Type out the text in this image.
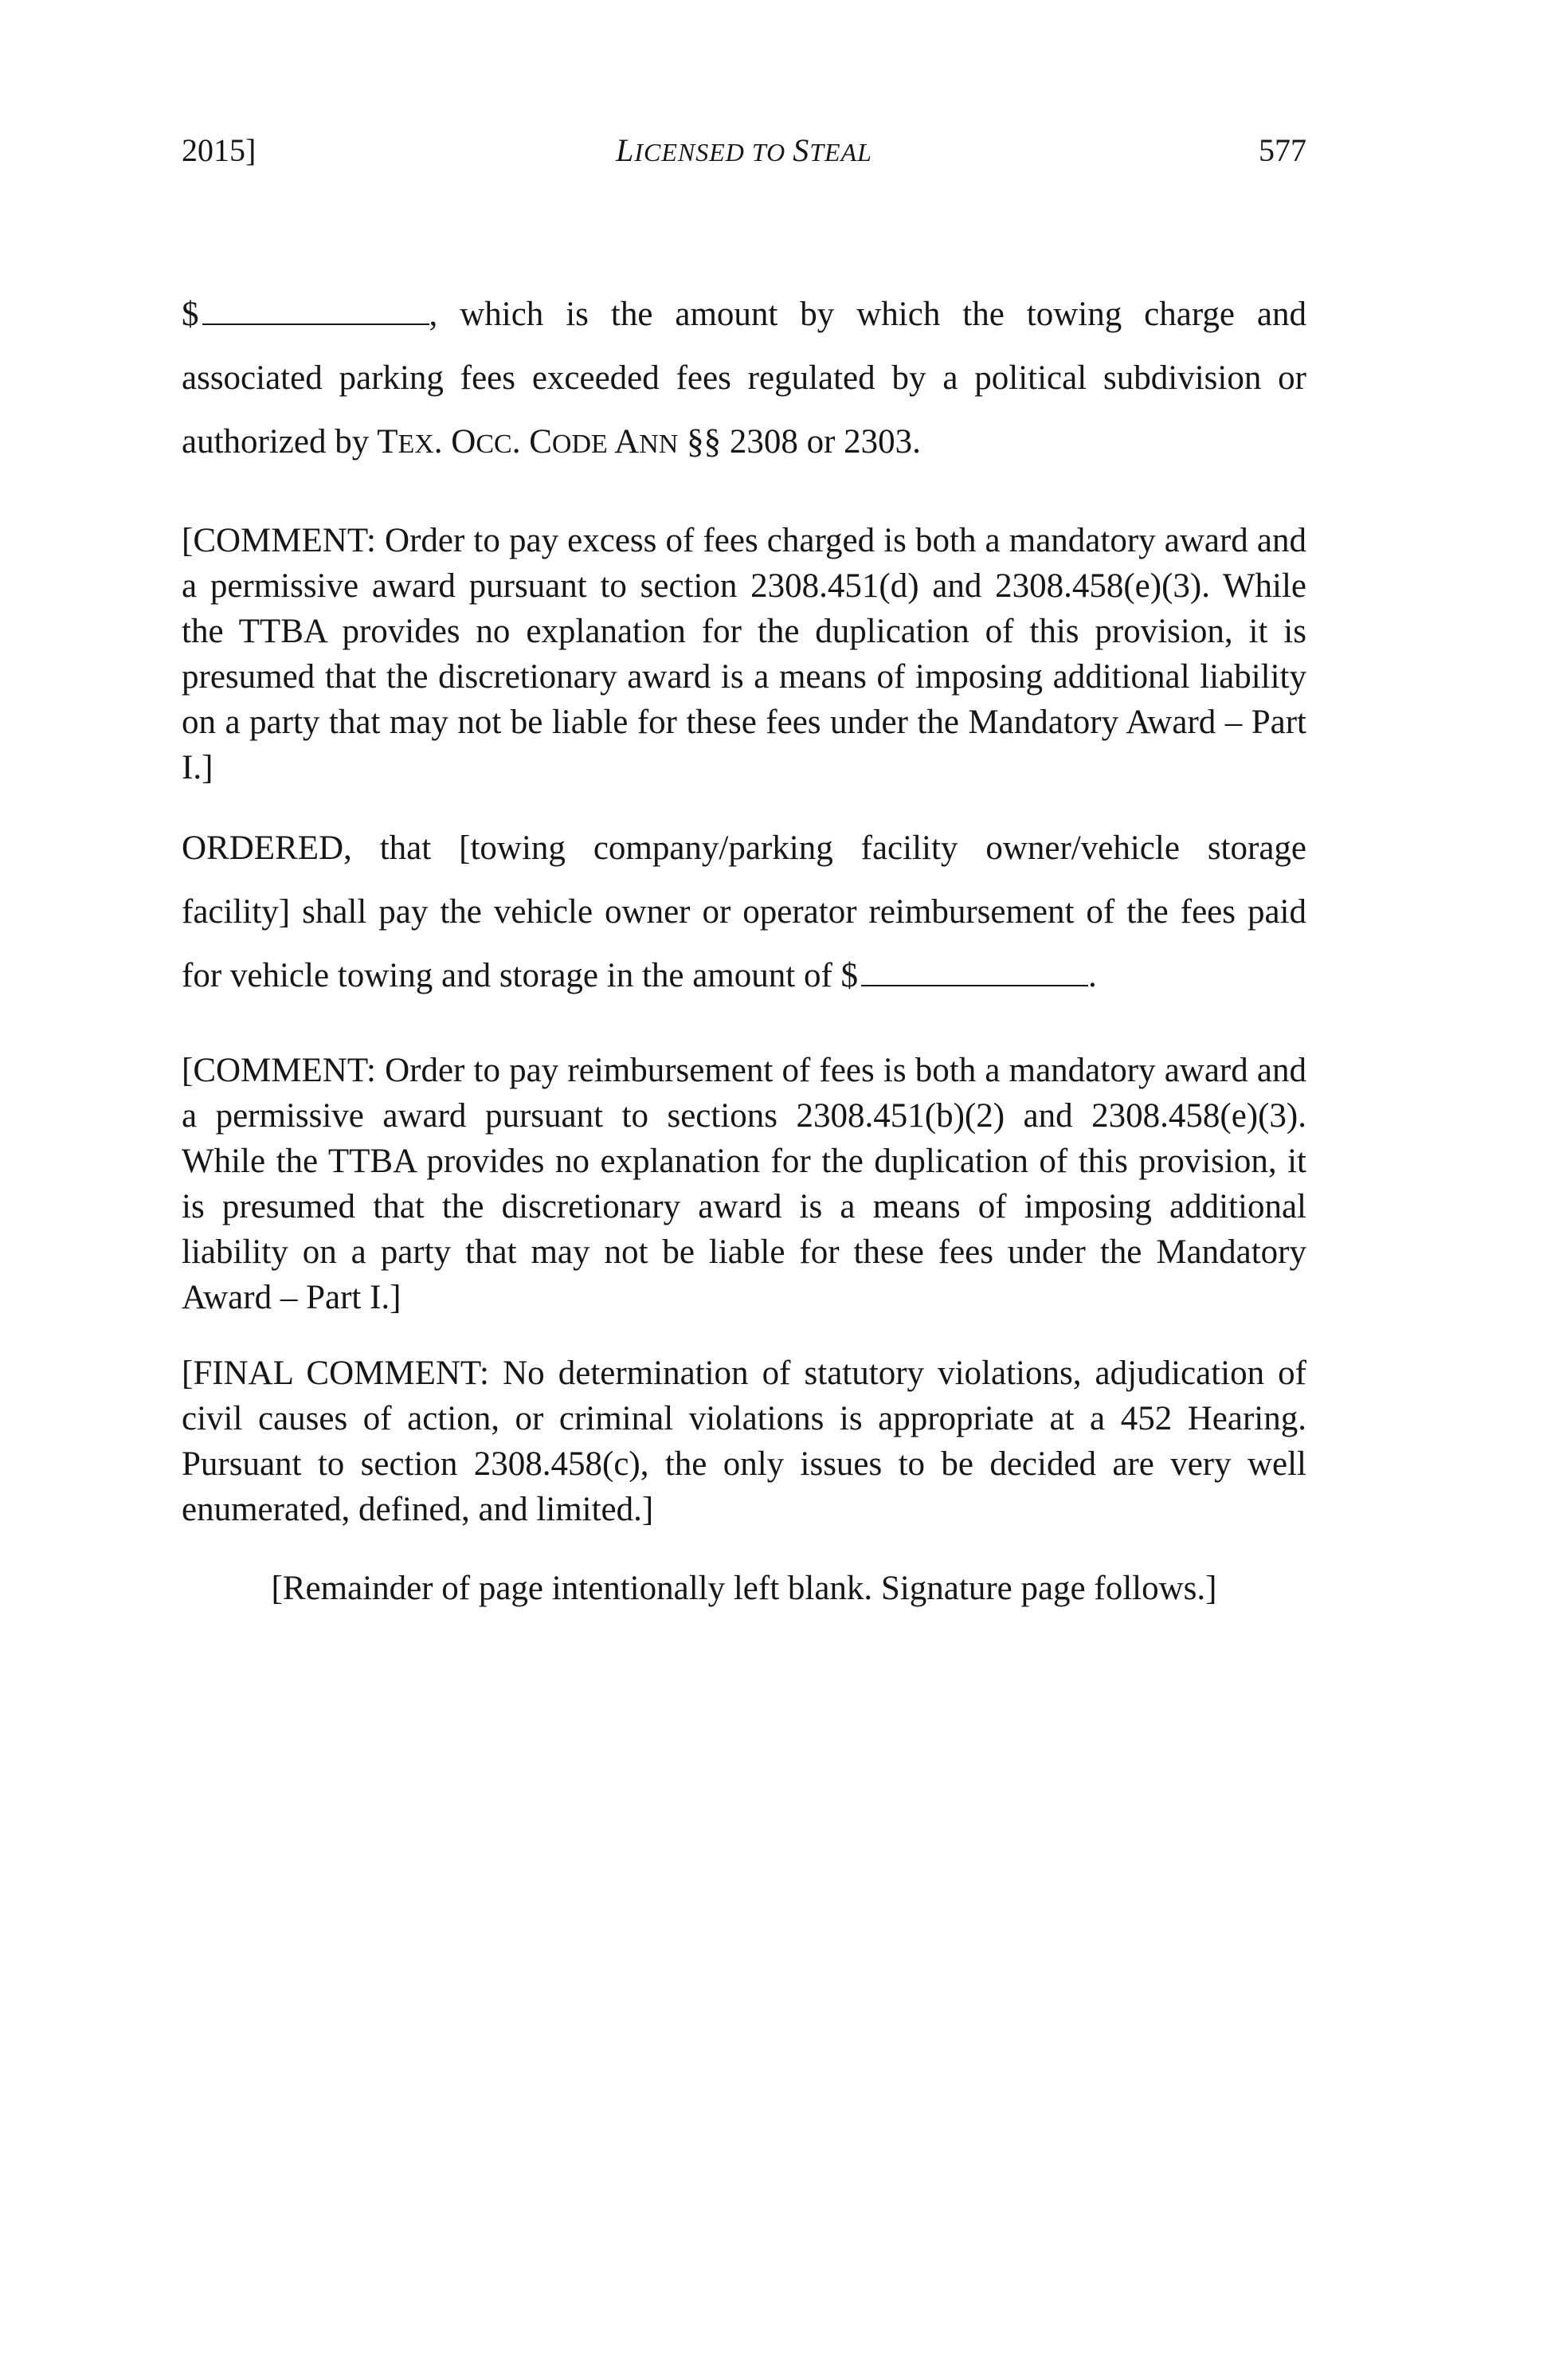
2015]	LICENSED TO STEAL	577

$	, which is the amount by which the towing charge and associated parking fees exceeded fees regulated by a political subdivision or authorized by TEX. OCC. CODE ANN §§ 2308 or 2303.

[COMMENT: Order to pay excess of fees charged is both a mandatory award and a permissive award pursuant to section 2308.451(d) and 2308.458(e)(3). While the TTBA provides no explanation for the duplication of this provision, it is presumed that the discretionary award is a means of imposing additional liability on a party that may not be liable for these fees under the Mandatory Award – Part I.]

ORDERED, that [towing company/parking facility owner/vehicle storage facility] shall pay the vehicle owner or operator reimbursement of the fees paid for vehicle towing and storage in the amount of $	.

[COMMENT: Order to pay reimbursement of fees is both a mandatory award and a permissive award pursuant to sections 2308.451(b)(2) and 2308.458(e)(3). While the TTBA provides no explanation for the duplication of this provision, it is presumed that the discretionary award is a means of imposing additional liability on a party that may not be liable for these fees under the Mandatory Award – Part I.]

[FINAL COMMENT: No determination of statutory violations, adjudication of civil causes of action, or criminal violations is appropriate at a 452 Hearing. Pursuant to section 2308.458(c), the only issues to be decided are very well enumerated, defined, and limited.]

[Remainder of page intentionally left blank. Signature page follows.]
